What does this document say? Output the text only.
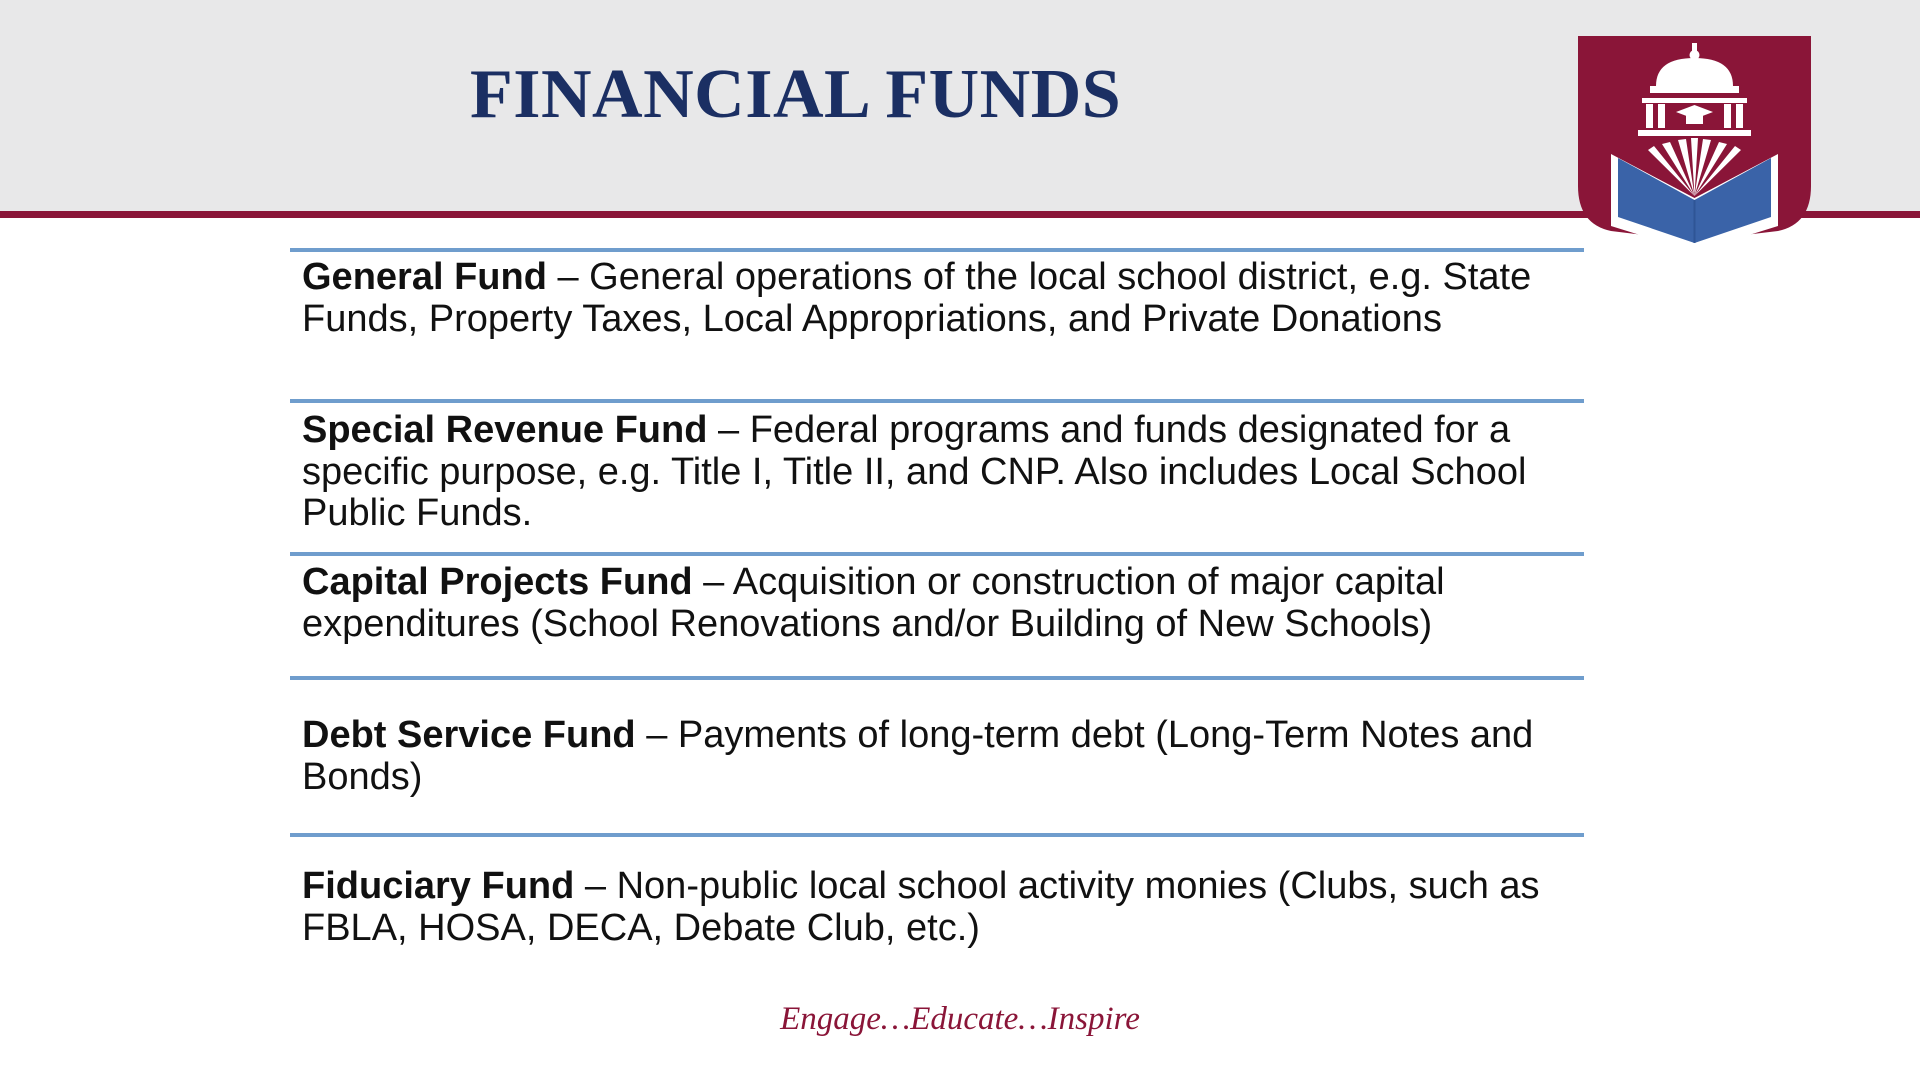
FINANCIAL FUNDS
General Fund – General operations of the local school district, e.g. State Funds, Property Taxes, Local Appropriations, and Private Donations
Special Revenue Fund – Federal programs and funds designated for a specific purpose, e.g. Title I, Title II, and CNP. Also includes Local School Public Funds.
Capital Projects Fund – Acquisition or construction of major capital expenditures (School Renovations and/or Building of New Schools)
Debt Service Fund – Payments of long-term debt (Long-Term Notes and Bonds)
Fiduciary Fund – Non-public local school activity monies (Clubs, such as FBLA, HOSA, DECA, Debate Club, etc.)
Engage…Educate…Inspire
